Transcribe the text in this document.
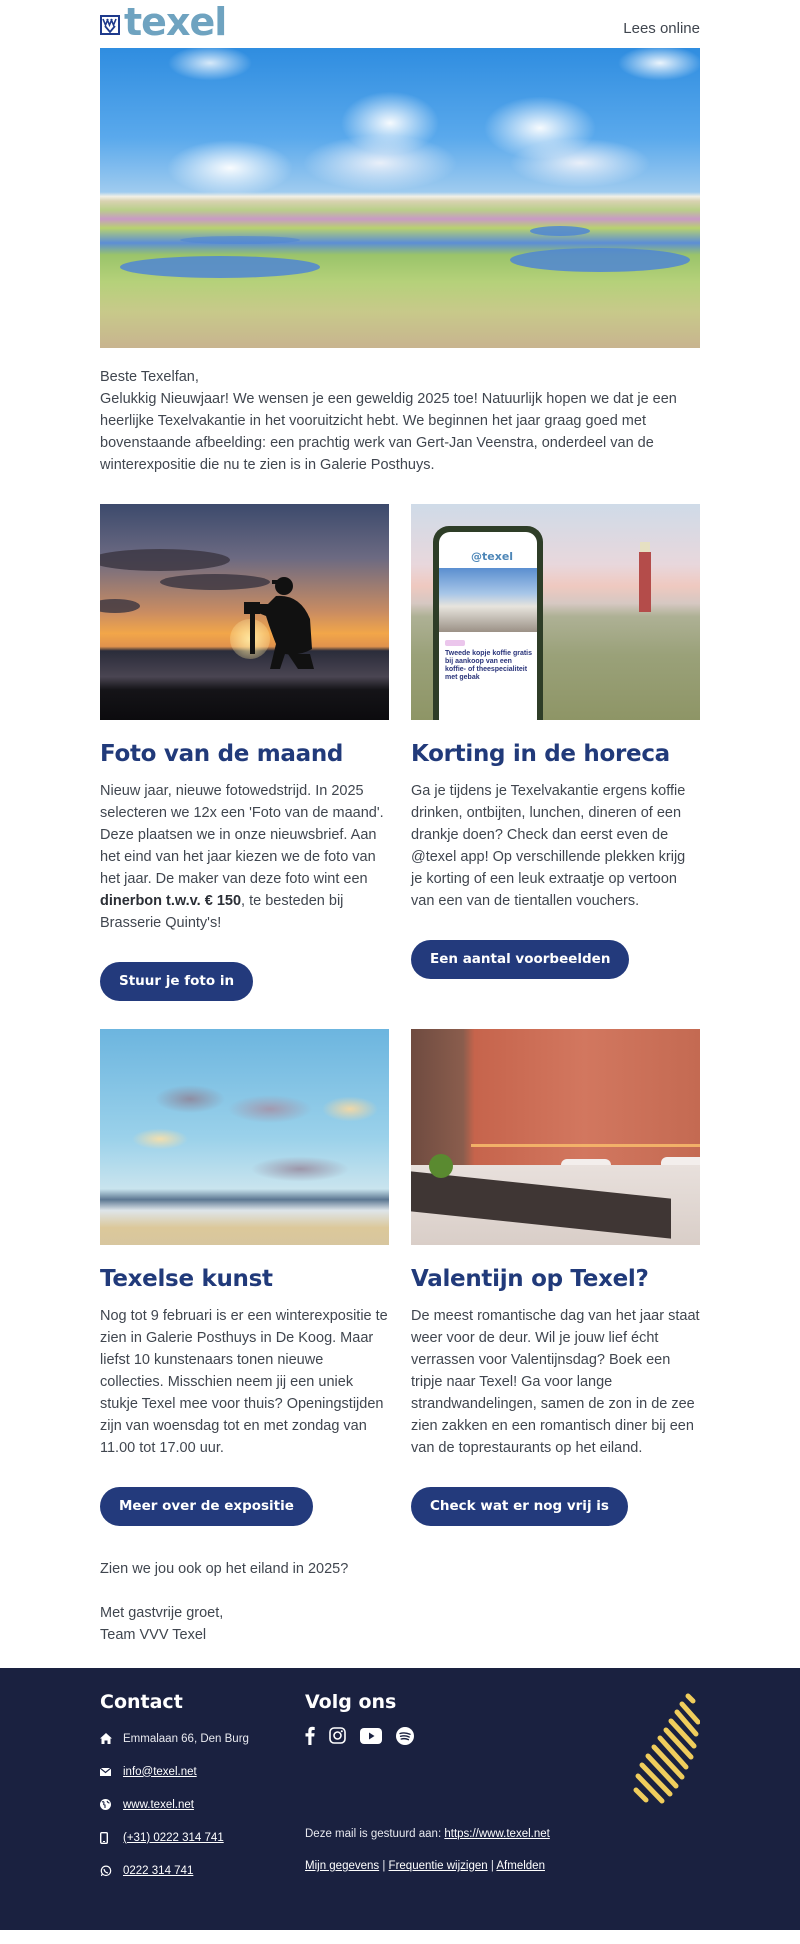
texel	Lees online
Beste Texelfan,
Gelukkig Nieuwjaar! We wensen je een geweldig 2025 toe! Natuurlijk hopen we dat je een heerlijke Texelvakantie in het vooruitzicht hebt. We beginnen het jaar graag goed met bovenstaande afbeelding: een prachtig werk van Gert-Jan Veenstra, onderdeel van de winterexpositie die nu te zien is in Galerie Posthuys.
Foto van de maand
Nieuw jaar, nieuwe fotowedstrijd. In 2025 selecteren we 12x een 'Foto van de maand'. Deze plaatsen we in onze nieuwsbrief. Aan het eind van het jaar kiezen we de foto van het jaar. De maker van deze foto wint een dinerbon t.w.v. € 150, te besteden bij Brasserie Quinty's!
Stuur je foto in
@texel
Tweede kopje koffie gratis bij aankoop van een koffie- of theespecialiteit met gebak
Korting in de horeca
Ga je tijdens je Texelvakantie ergens koffie drinken, ontbijten, lunchen, dineren of een drankje doen? Check dan eerst even de @texel app! Op verschillende plekken krijg je korting of een leuk extraatje op vertoon van een van de tientallen vouchers.
Een aantal voorbeelden
Texelse kunst
Nog tot 9 februari is er een winterexpositie te zien in Galerie Posthuys in De Koog. Maar liefst 10 kunstenaars tonen nieuwe collecties. Misschien neem jij een uniek stukje Texel mee voor thuis? Openingstijden zijn van woensdag tot en met zondag van 11.00 tot 17.00 uur.
Meer over de expositie
Valentijn op Texel?
De meest romantische dag van het jaar staat weer voor de deur. Wil je jouw lief écht verrassen voor Valentijnsdag? Boek een tripje naar Texel! Ga voor lange strandwandelingen, samen de zon in de zee zien zakken en een romantisch diner bij een van de toprestaurants op het eiland.
Check wat er nog vrij is

Zien we jou ook op het eiland in 2025?

Met gastvrije groet,
Team VVV Texel

Contact
Emmalaan 66, Den Burg
info@texel.net
www.texel.net
(+31) 0222 314 741
0222 314 741
Volg ons
Deze mail is gestuurd aan: https://www.texel.net
Mijn gegevens | Frequentie wijzigen | Afmelden
